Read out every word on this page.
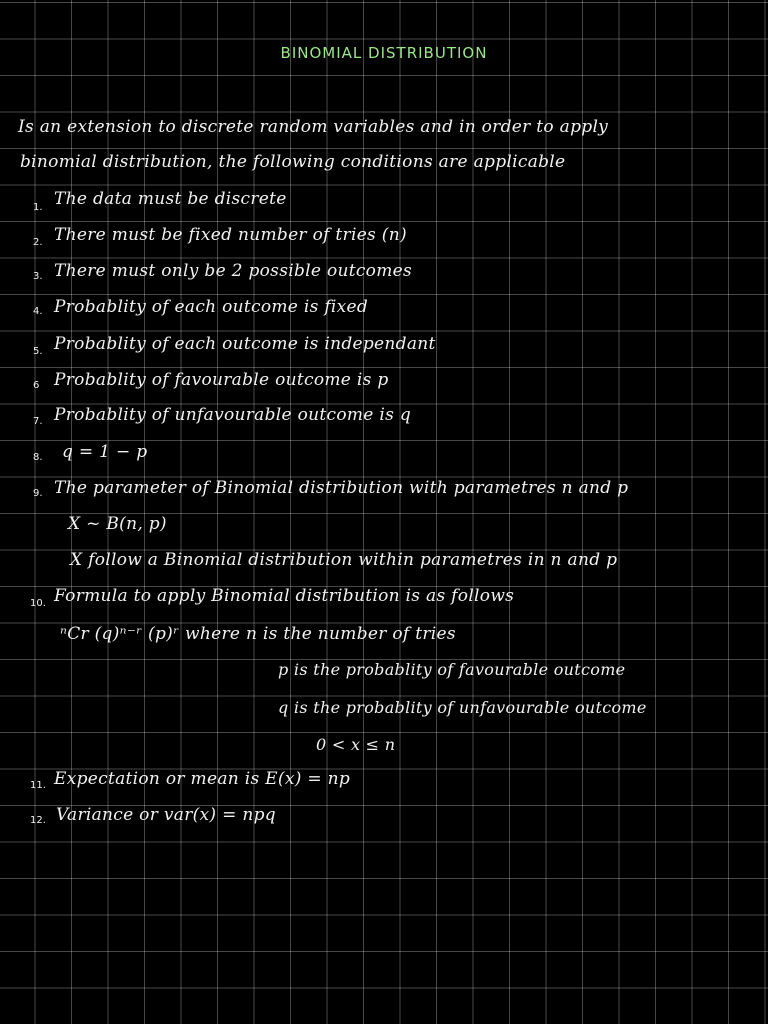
BINOMIAL DISTRIBUTION
Is an extension to discrete random variables and in order to apply
binomial distribution, the following conditions are applicable
1. The data must be discrete
2. There must be fixed number of tries (n)
3. There must only be 2 possible outcomes
4. Probablity of each outcome is fixed
5. Probablity of each outcome is independant
6 Probablity of favourable outcome is p
7. Probablity of unfavourable outcome is q
8. q = 1 − p
9. The parameter of Binomial distribution with parametres n and p
X ~ B(n, p)
X follow a Binomial distribution within parametres in n and p
10. Formula to apply Binomial distribution is as follows
ⁿCr (q)ⁿ⁻ʳ (p)ʳ where n is the number of tries
p is the probablity of favourable outcome
q is the probablity of unfavourable outcome
0 < x ≤ n
11. Expectation or mean is E(x) = np
12. Variance or var(x) = npq
